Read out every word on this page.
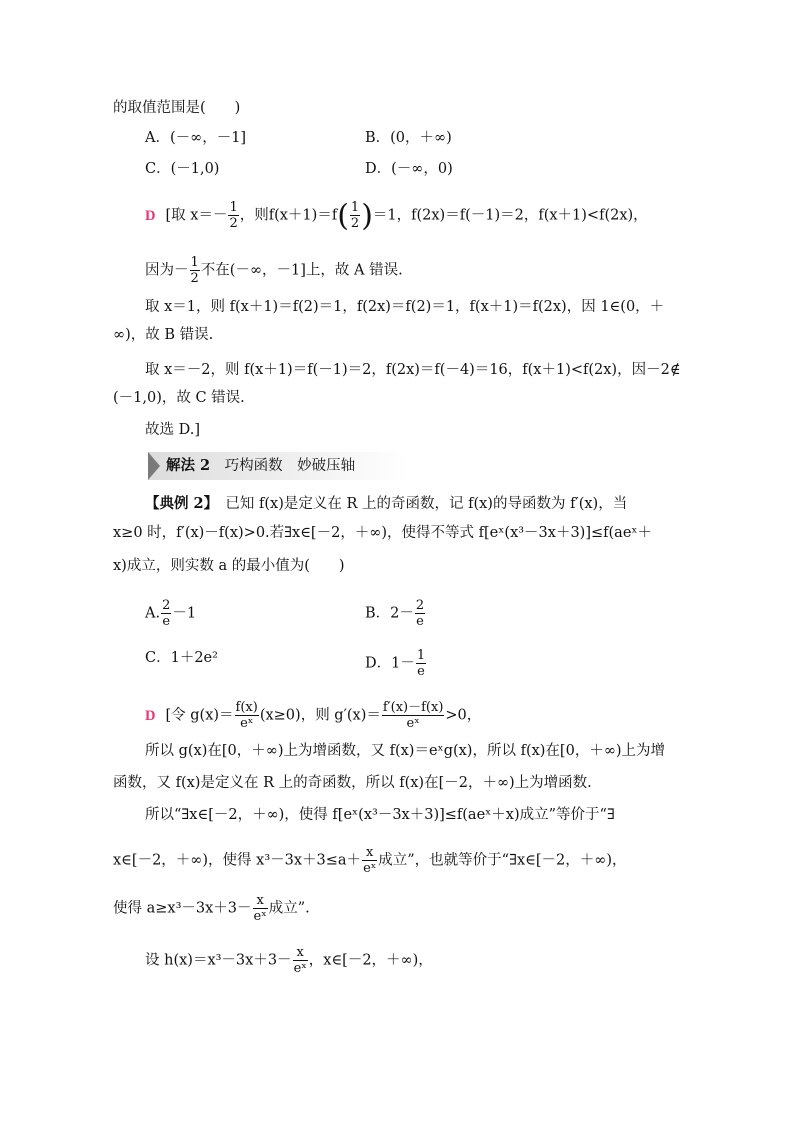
的取值范围是(　　)
A．(－∞，－1]	B．(0，＋∞)
C．(－1,0)	D．(－∞，0)
D [取 $x=- \frac{1}{2}$ ，则$f(x+1)=f( \frac{1}{2} )=1$，f(2x)＝f(－1)＝2，f(x＋1)<f(2x)，
因为－ $\frac{1}{2}$ 不在(－∞，－1]上，故 A 错误.
取 x＝1，则 f(x＋1)＝f(2)＝1，f(2x)＝f(2)＝1，f(x＋1)＝f(2x)，因 1∈(0，＋
∞)，故 B 错误.
取 x＝－2，则 f(x＋1)＝f(－1)＝2，f(2x)＝f(－4)＝16，f(x＋1)<f(2x)，因－2∉
(－1,0)，故 C 错误.
故选 D.]
解法 2　 巧构函数　妙破压轴
【典例 2】　已知 f(x)是定义在 R 上的奇函数，记 f(x)的导函数为 f′(x)，当
x≥0 时，f′(x)－f(x)>0.若∃x∈[－2，＋∞)，使得不等式 f[eˣ(x³－3x＋3)]≤f(aeˣ＋
x)成立，则实数 a 的最小值为(　　)
A. $\frac{2}{e} -1$	B．$2- \frac{2}{e}$
C．1＋2e²	D．$1- \frac{1}{e}$
D [令 $g(x)= \frac{f(x)}{\text{eˣ}} (x\ge 0)$，则 $g'(x)= \frac{f'(x)-f(x)}{\text{eˣ}} >0$，
所以 g(x)在[0，＋∞)上为增函数，又 f(x)＝eˣg(x)，所以 f(x)在[0，＋∞)上为增
函数，又 f(x)是定义在 R 上的奇函数，所以 f(x)在[－2，＋∞)上为增函数.
所以“∃x∈[－2，＋∞)，使得 f[eˣ(x³－3x＋3)]≤f(aeˣ＋x)成立”等价于“∃
x∈[－2，＋∞)，使得 $x^3-3x+3\le a+ \frac{x}{\text{eˣ}}$ 成立”，也就等价于“∃x∈[－2，＋∞)，
使得 $a\ge x^3-3x+3- \frac{x}{\text{eˣ}}$ 成立”.
设 $h(x)=x^3-3x+3- \frac{x}{\text{eˣ}}$ ，x∈[－2，＋∞)，
